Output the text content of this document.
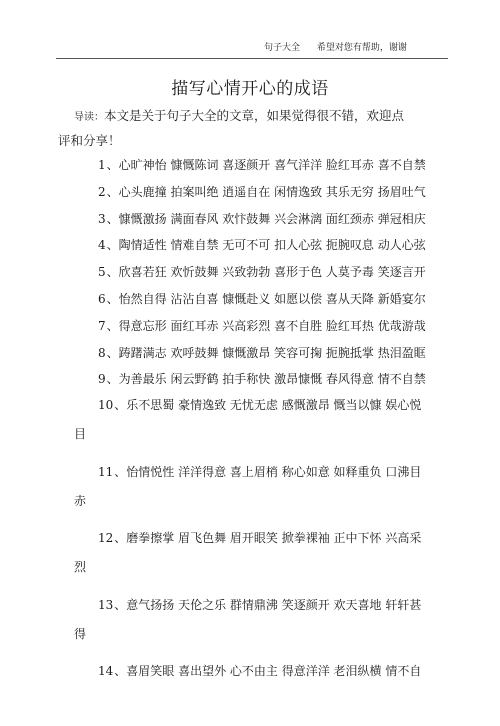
句子大全 希望对您有帮助，谢谢
描写心情开心的成语
导读：本文是关于句子大全的文章，如果觉得很不错，欢迎点
评和分享！
1、心旷神怡 慷慨陈词 喜逐颜开 喜气洋洋 脸红耳赤 喜不自禁
2、心头鹿撞 拍案叫绝 逍遥自在 闲情逸致 其乐无穷 扬眉吐气
3、慷慨激扬 满面春风 欢忭鼓舞 兴会淋漓 面红颈赤 弹冠相庆
4、陶情适性 情难自禁 无可不可 扣人心弦 扼腕叹息 动人心弦
5、欣喜若狂 欢忻鼓舞 兴致勃勃 喜形于色 人莫予毒 笑逐言开
6、怡然自得 沾沾自喜 慷慨赴义 如愿以偿 喜从天降 新婚宴尔
7、得意忘形 面红耳赤 兴高彩烈 喜不自胜 脸红耳热 优哉游哉
8、踌躇满志 欢呼鼓舞 慷慨激昂 笑容可掬 扼腕抵掌 热泪盈眶
9、为善最乐 闲云野鹤 拍手称快 激昂慷慨 春风得意 情不自禁
10、乐不思蜀 豪情逸致 无忧无虑 感慨激昂 慨当以慷 娱心悦
目
11、怡情悦性 洋洋得意 喜上眉梢 称心如意 如释重负 口沸目
赤
12、磨拳擦掌 眉飞色舞 眉开眼笑 掀拳裸袖 正中下怀 兴高采
烈
13、意气扬扬 天伦之乐 群情鼎沸 笑逐颜开 欢天喜地 轩轩甚
得
14、喜眉笑眼 喜出望外 心不由主 得意洋洋 老泪纵横 情不自
